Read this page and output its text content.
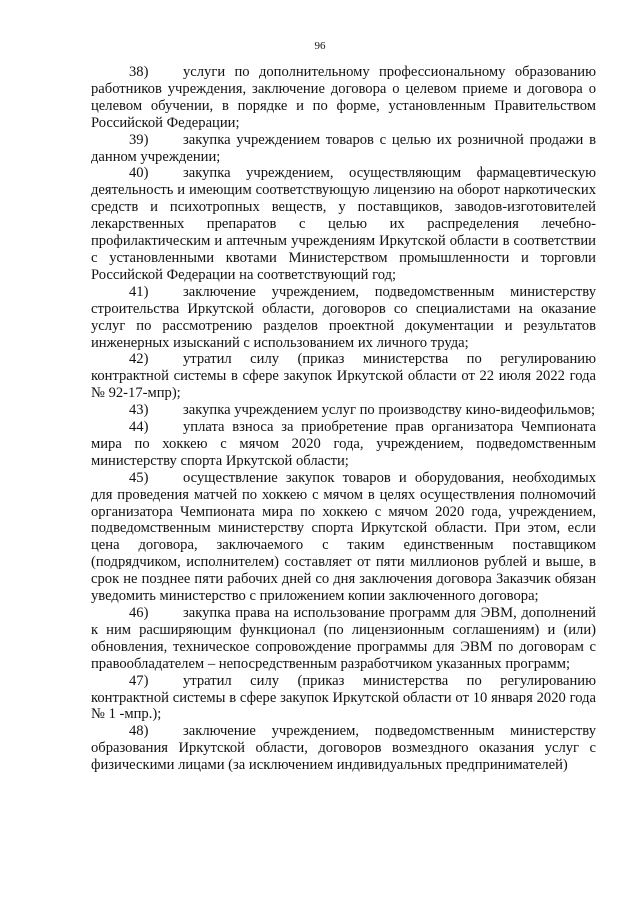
96

38) услуги по дополнительному профессиональному образованию работников учреждения, заключение договора о целевом приеме и договора о целевом обучении, в порядке и по форме, установленным Правительством Российской Федерации;

39) закупка учреждением товаров с целью их розничной продажи в данном учреждении;

40) закупка учреждением, осуществляющим фармацевтическую деятельность и имеющим соответствующую лицензию на оборот наркотических средств и психотропных веществ, у поставщиков, заводов-изготовителей лекарственных препаратов с целью их распределения лечебно-профилактическим и аптечным учреждениям Иркутской области в соответствии с установленными квотами Министерством промышленности и торговли Российской Федерации на соответствующий год;

41) заключение учреждением, подведомственным министерству строительства Иркутской области, договоров со специалистами на оказание услуг по рассмотрению разделов проектной документации и результатов инженерных изысканий с использованием их личного труда;

42) утратил силу (приказ министерства по регулированию контрактной системы в сфере закупок Иркутской области от 22 июля 2022 года № 92-17-мпр);

43) закупка учреждением услуг по производству кино-видеофильмов;

44) уплата взноса за приобретение прав организатора Чемпионата мира по хоккею с мячом 2020 года, учреждением, подведомственным министерству спорта Иркутской области;

45) осуществление закупок товаров и оборудования, необходимых для проведения матчей по хоккею с мячом в целях осуществления полномочий организатора Чемпионата мира по хоккею с мячом 2020 года, учреждением, подведомственным министерству спорта Иркутской области. При этом, если цена договора, заключаемого с таким единственным поставщиком (подрядчиком, исполнителем) составляет от пяти миллионов рублей и выше, в срок не позднее пяти рабочих дней со дня заключения договора Заказчик обязан уведомить министерство с приложением копии заключенного договора;

46) закупка права на использование программ для ЭВМ, дополнений к ним расширяющим функционал (по лицензионным соглашениям) и (или) обновления, техническое сопровождение программы для ЭВМ по договорам с правообладателем – непосредственным разработчиком указанных программ;

47) утратил силу (приказ министерства по регулированию контрактной системы в сфере закупок Иркутской области от 10 января 2020 года № 1 -мпр.);

48) заключение учреждением, подведомственным министерству образования Иркутской области, договоров возмездного оказания услуг с физическими лицами (за исключением индивидуальных предпринимателей)
